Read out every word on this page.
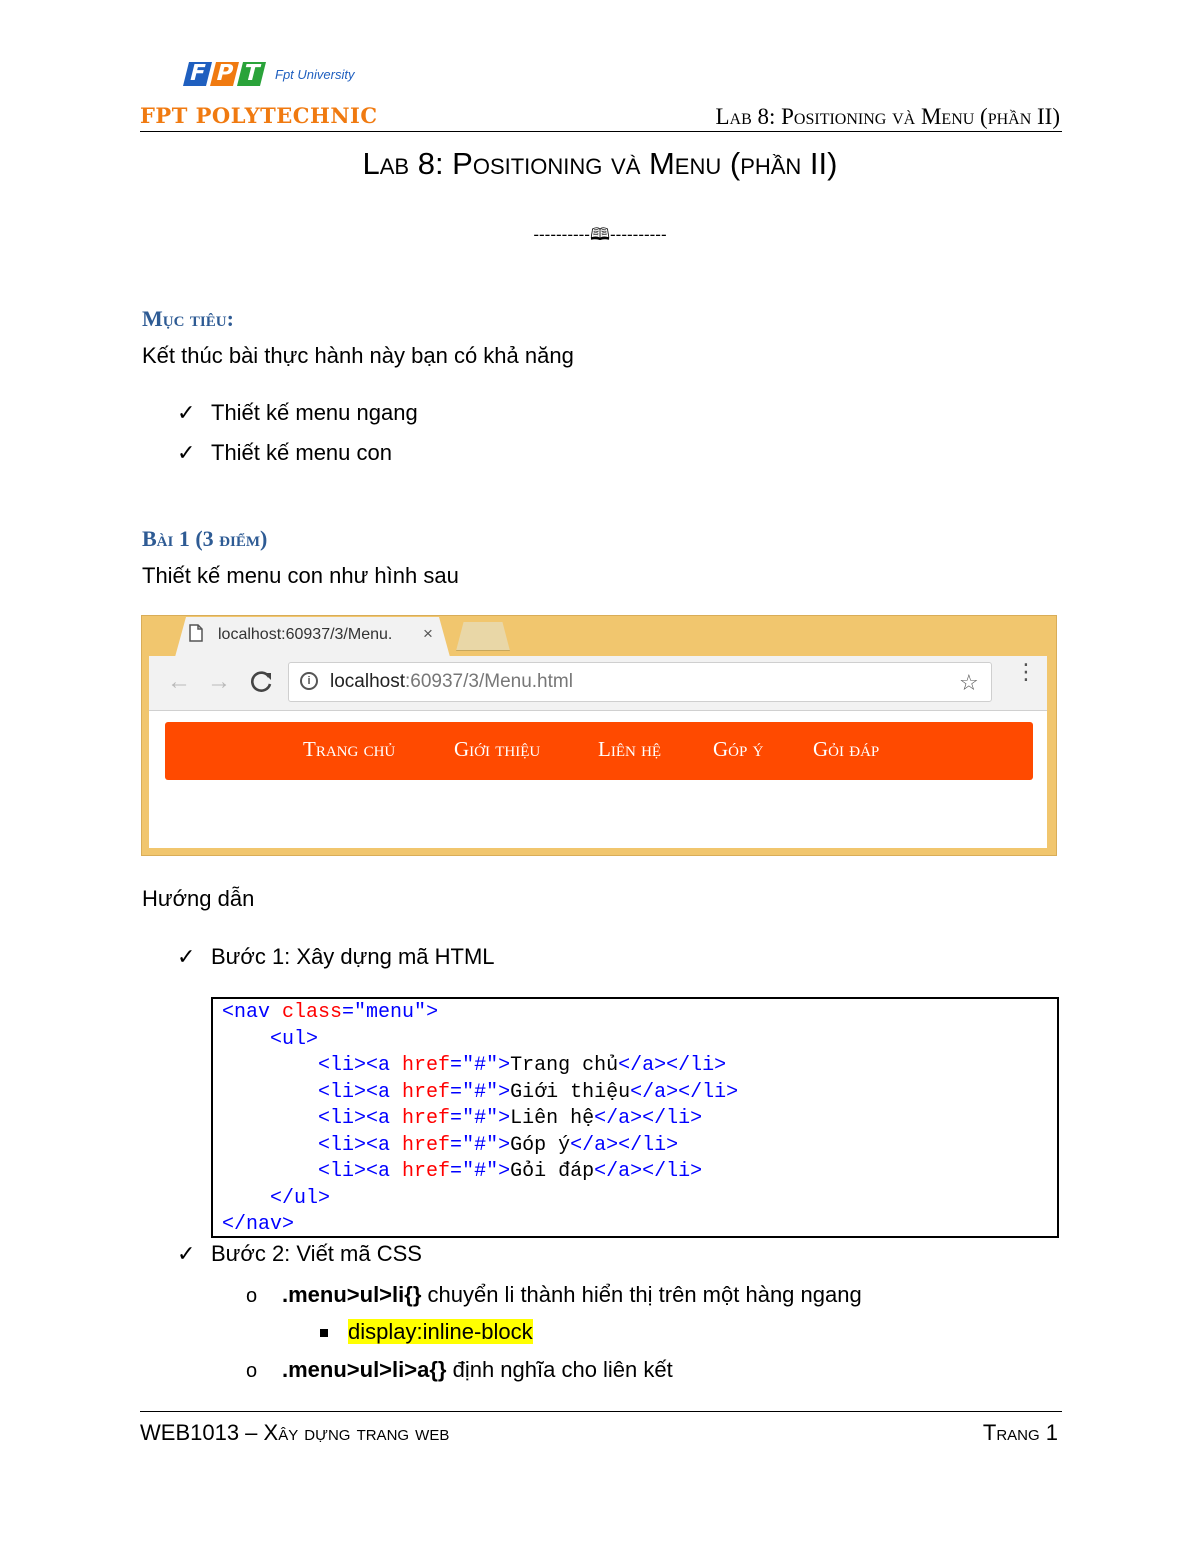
F P T Fpt University
FPT POLYTECHNIC	Lab 8: Positioning và Menu (phần II)
Lab 8: Positioning và Menu (phần II)
----------🕮----------
Mục tiêu:
Kết thúc bài thực hành này bạn có khả năng
✓ Thiết kế menu ngang
✓ Thiết kế menu con
Bài 1 (3 điểm)
Thiết kế menu con như hình sau
localhost:60937/3/Menu. ×
← →	i	localhost:60937/3/Menu.html	☆ ⋮
Trang chủ	Giới thiệu	Liên hệ Góp ý Gỏi đáp
Hướng dẫn
✓ Bước 1: Xây dựng mã HTML
<nav class="menu">
<ul>
<li><a href="#">Trang chủ</a></li>
<li><a href="#">Giới thiệu</a></li>
<li><a href="#">Liên hệ</a></li>
<li><a href="#">Góp ý</a></li>
<li><a href="#">Gỏi đáp</a></li>
</ul>
</nav>
✓ Bước 2: Viết mã CSS
o .menu>ul>li{} chuyển li thành hiển thị trên một hàng ngang
display:inline-block
o .menu>ul>li>a{} định nghĩa cho liên kết
WEB1013 – Xây dựng trang web	Trang 1
